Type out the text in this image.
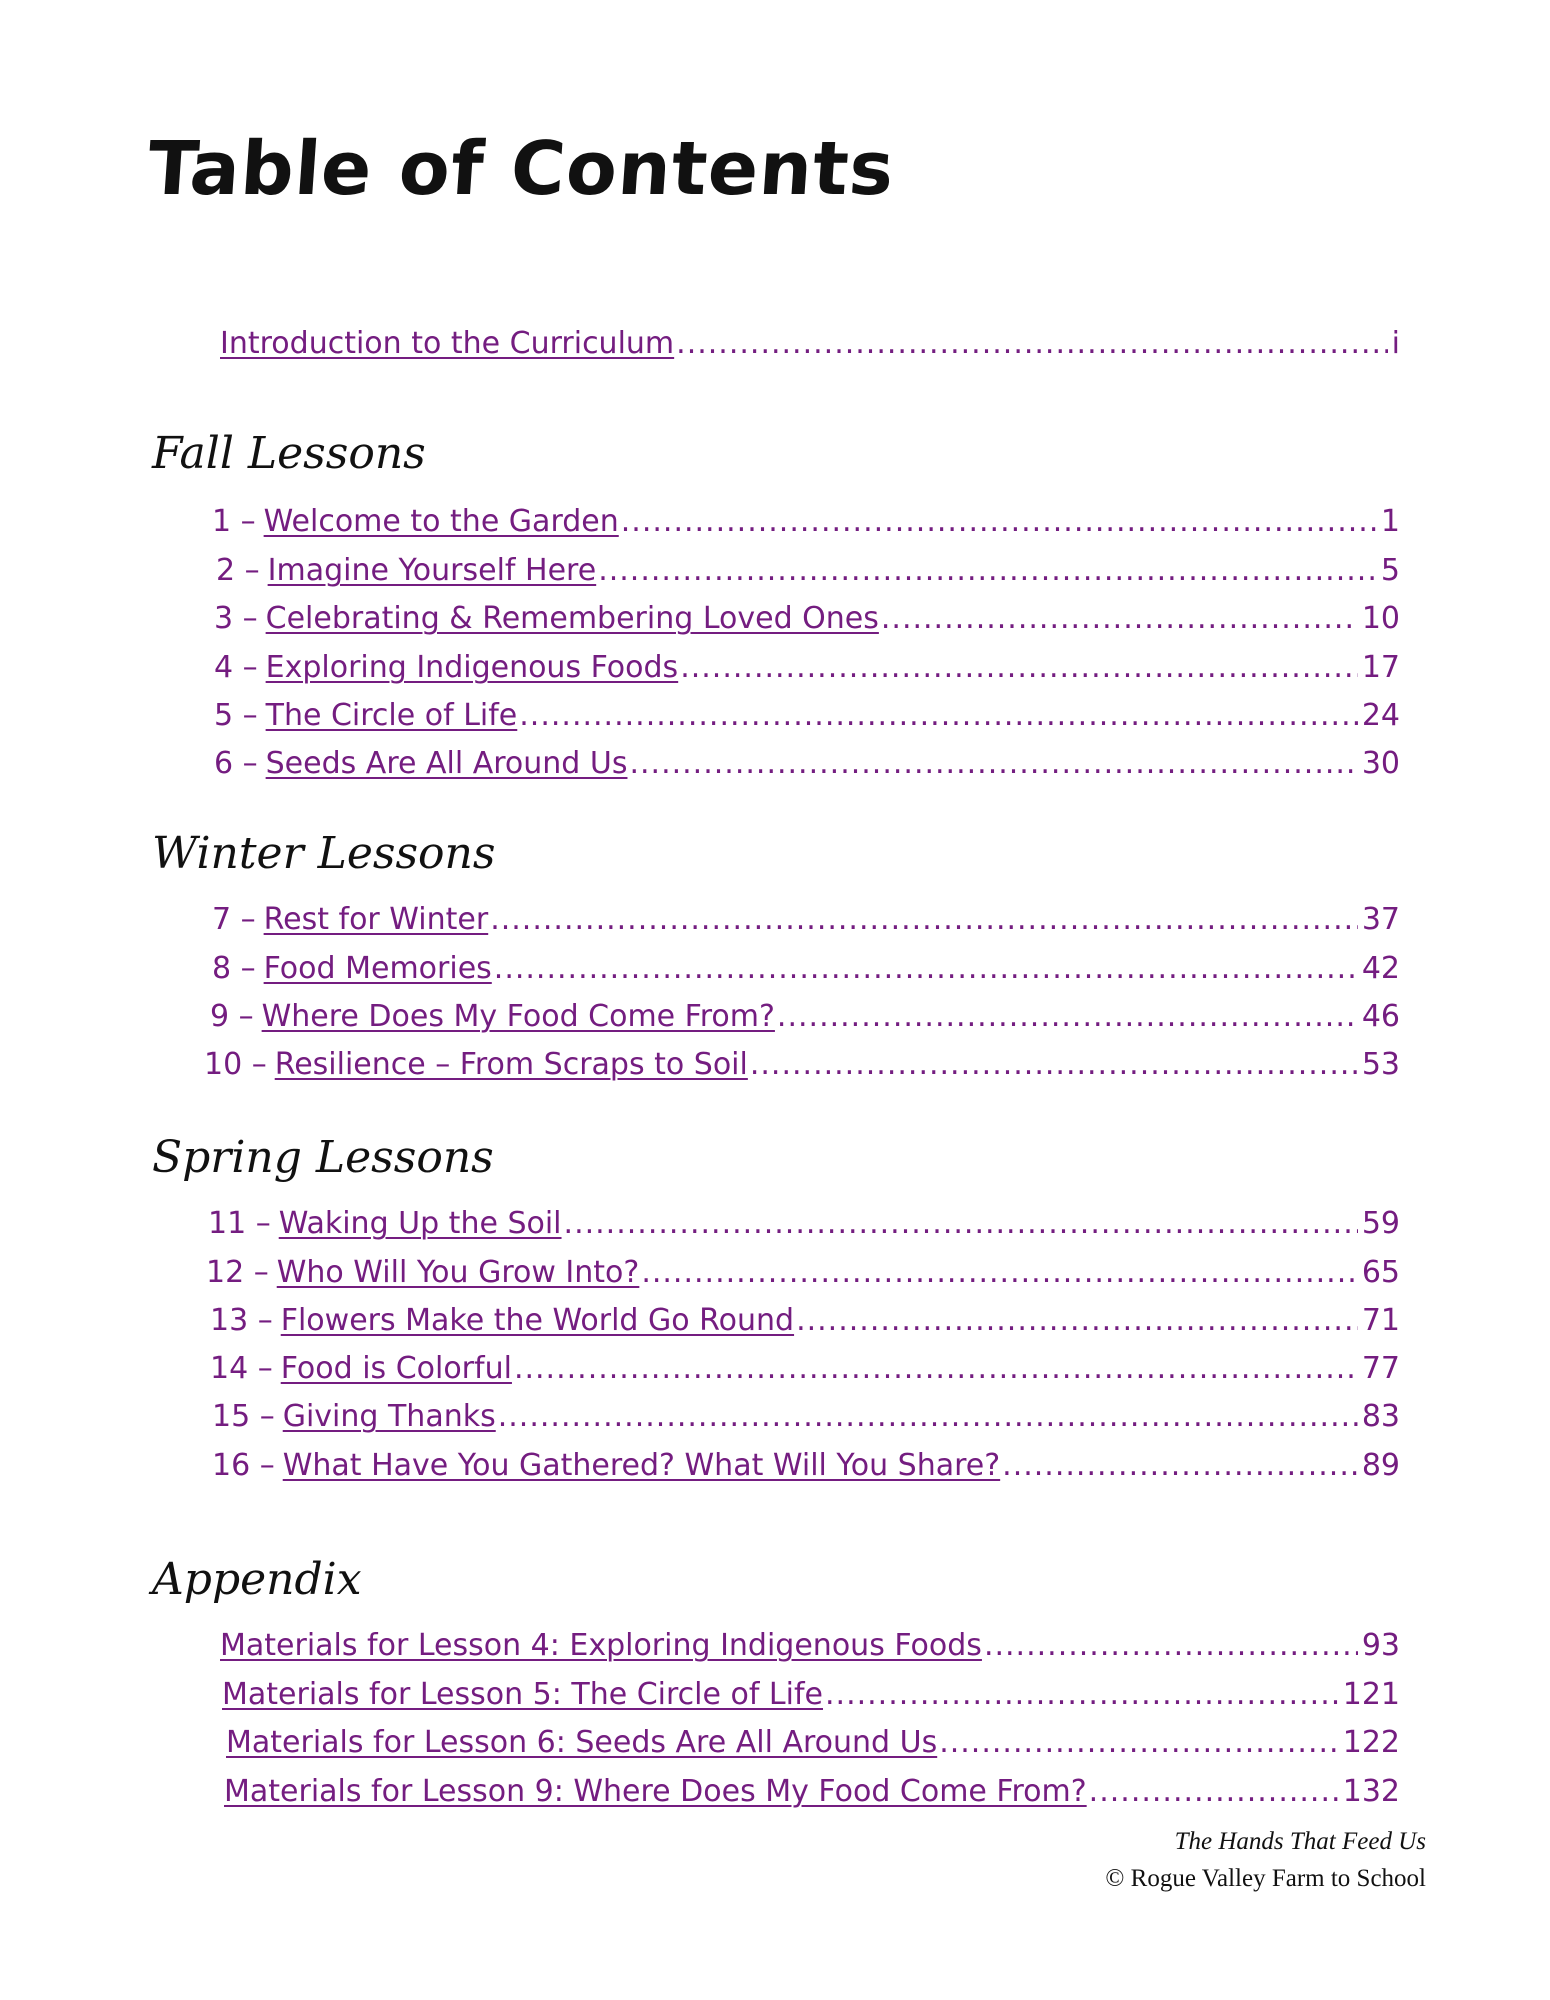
Table of Contents
Introduction to the Curriculum .....	i
Fall Lessons
1 – Welcome to the Garden .....	1
2 – Imagine Yourself Here .....	5
3 – Celebrating & Remembering Loved Ones .....	10
4 – Exploring Indigenous Foods .....	17
5 – The Circle of Life .....	24
6 – Seeds Are All Around Us .....	30
Winter Lessons
7 – Rest for Winter .....	37
8 – Food Memories .....	42
9 – Where Does My Food Come From? .....	46
10 – Resilience – From Scraps to Soil .....	53
Spring Lessons
11 – Waking Up the Soil .....	59
12 – Who Will You Grow Into? .....	65
13 – Flowers Make the World Go Round .....	71
14 – Food is Colorful .....	77
15 – Giving Thanks .....	83
16 – What Have You Gathered? What Will You Share? .....	89
Appendix
Materials for Lesson 4: Exploring Indigenous Foods .....	93
Materials for Lesson 5: The Circle of Life .....	121
Materials for Lesson 6: Seeds Are All Around Us .....	122
Materials for Lesson 9: Where Does My Food Come From? .....	132
The Hands That Feed Us
© Rogue Valley Farm to School
